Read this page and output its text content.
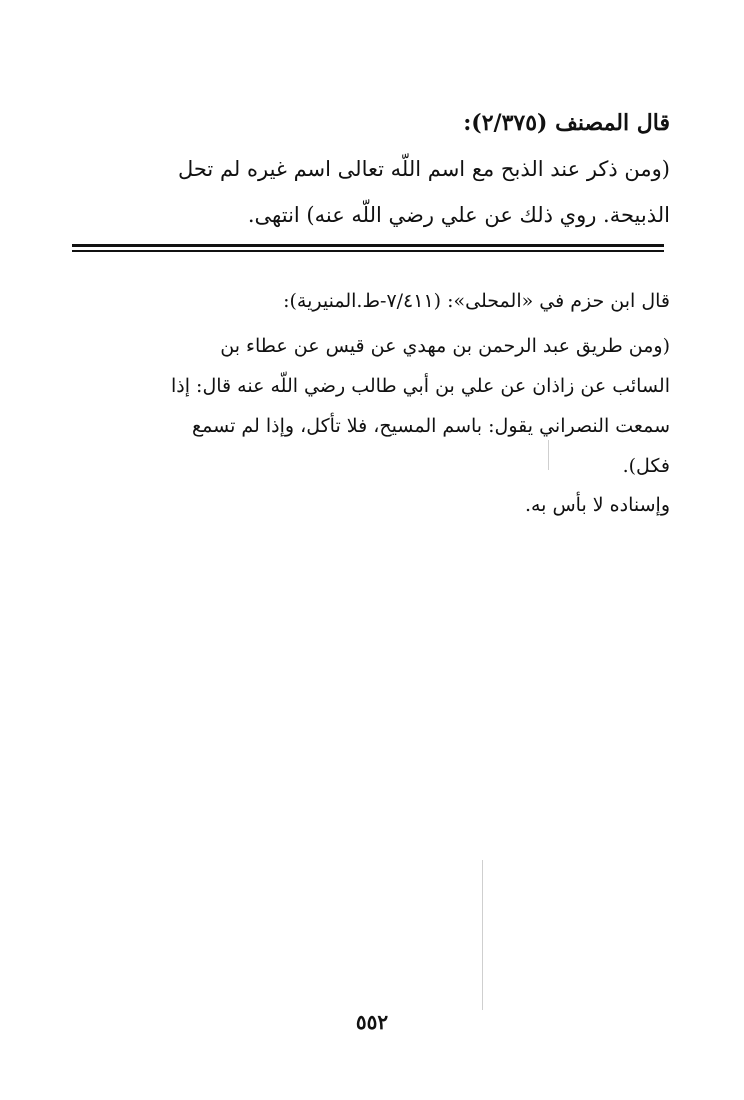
قال المصنف (٢/٣٧٥):
(ومن ذكر عند الذبح مع اسم اللّه تعالى اسم غيره لم تحل
الذبيحة. روي ذلك عن علي رضي اللّه عنه) انتهى.
قال ابن حزم في «المحلى»: (٧/٤١١-ط.المنيرية):
(ومن طريق عبد الرحمن بن مهدي عن قيس عن عطاء بن
السائب عن زاذان عن علي بن أبي طالب رضي اللّه عنه قال: إذا
سمعت النصراني يقول: باسم المسيح، فلا تأكل، وإذا لم تسمع
فكل).
وإسناده لا بأس به.
٥٥٢
